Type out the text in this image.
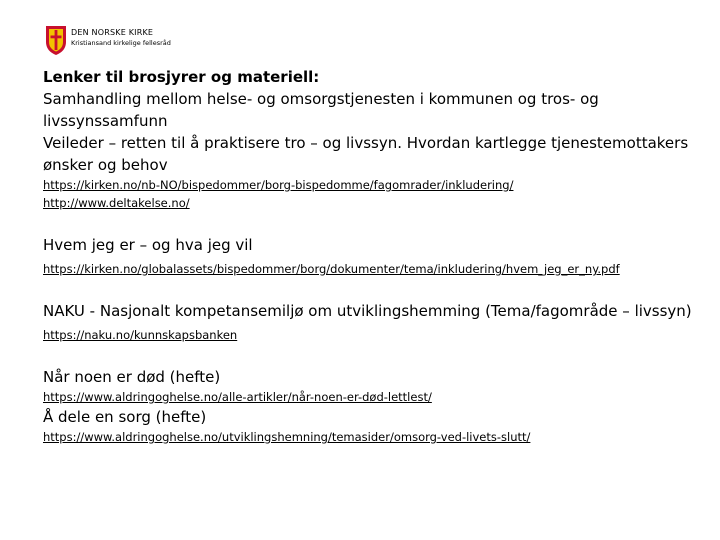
DEN NORSKE KIRKE
Kristiansand kirkelige fellesråd

Lenker til brosjyrer og materiell:

Samhandling mellom helse- og omsorgstjenesten i kommunen og tros- og livssynssamfunn

Veileder – retten til å praktisere tro – og livssyn. Hvordan kartlegge tjenestemottakers ønsker og behov

https://kirken.no/nb-NO/bispedommer/borg-bispedomme/fagomrader/inkludering/
http://www.deltakelse.no/

Hvem jeg er – og hva jeg vil

https://kirken.no/globalassets/bispedommer/borg/dokumenter/tema/inkludering/hvem_jeg_er_ny.pdf

NAKU - Nasjonalt kompetansemiljø om utviklingshemming (Tema/fagområde – livssyn)

https://naku.no/kunnskapsbanken

Når noen er død (hefte)

https://www.aldringoghelse.no/alle-artikler/når-noen-er-død-lettlest/

Å dele en sorg (hefte)

https://www.aldringoghelse.no/utviklingshemning/temasider/omsorg-ved-livets-slutt/
